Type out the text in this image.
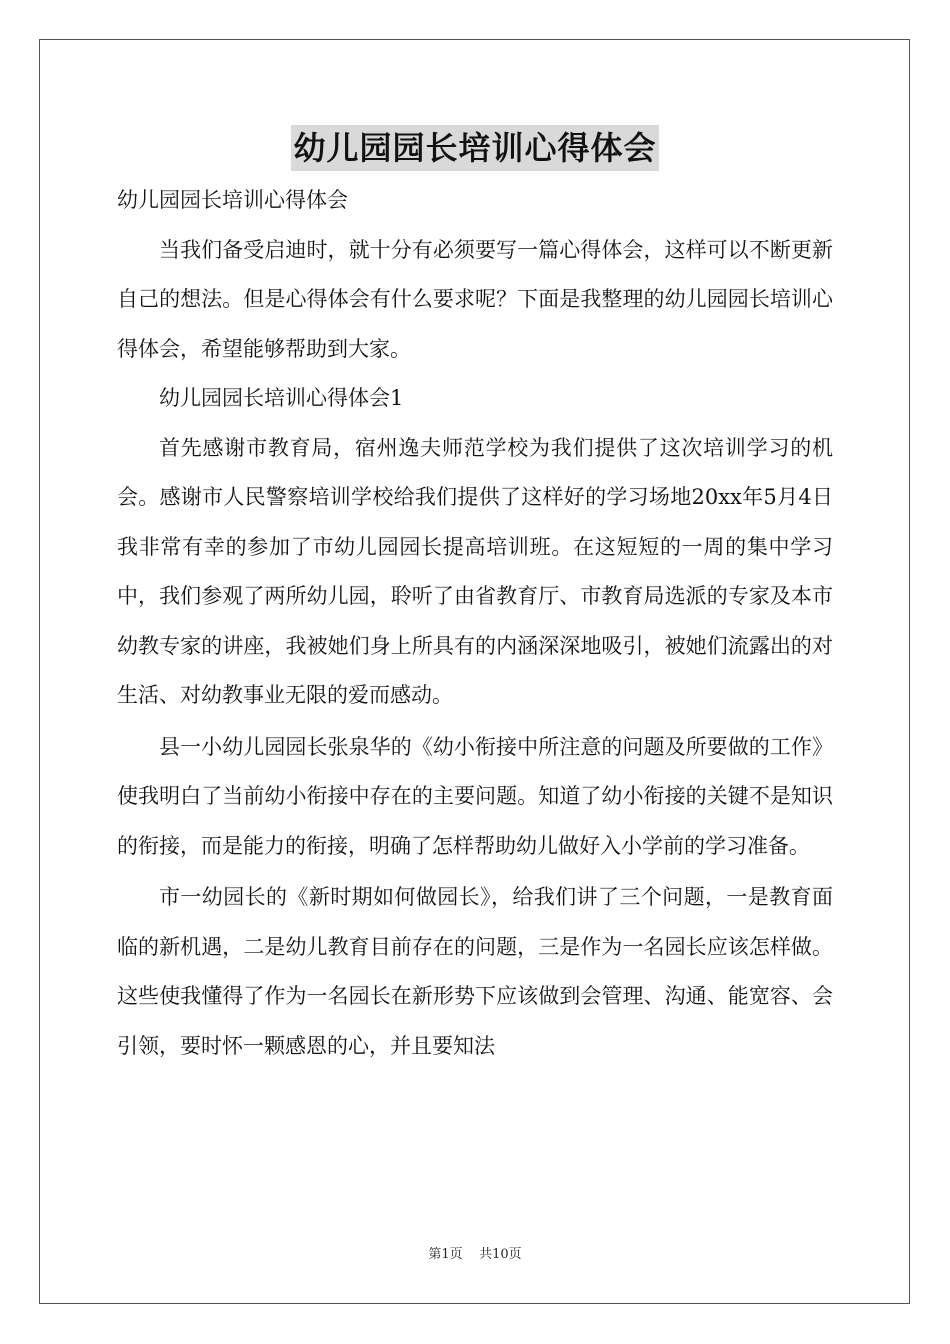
幼儿园园长培训心得体会

幼儿园园长培训心得体会

当我们备受启迪时，就十分有必须要写一篇心得体会，这样可以不断更新自己的想法。但是心得体会有什么要求呢？下面是我整理的幼儿园园长培训心得体会，希望能够帮助到大家。

幼儿园园长培训心得体会1

首先感谢市教育局，宿州逸夫师范学校为我们提供了这次培训学习的机会。感谢市人民警察培训学校给我们提供了这样好的学习场地20xx年5月4日我非常有幸的参加了市幼儿园园长提高培训班。在这短短的一周的集中学习中，我们参观了两所幼儿园，聆听了由省教育厅、市教育局选派的专家及本市幼教专家的讲座，我被她们身上所具有的内涵深深地吸引，被她们流露出的对生活、对幼教事业无限的爱而感动。

县一小幼儿园园长张泉华的《幼小衔接中所注意的问题及所要做的工作》使我明白了当前幼小衔接中存在的主要问题。知道了幼小衔接的关键不是知识的衔接，而是能力的衔接，明确了怎样帮助幼儿做好入小学前的学习准备。

市一幼园长的《新时期如何做园长》，给我们讲了三个问题，一是教育面临的新机遇，二是幼儿教育目前存在的问题，三是作为一名园长应该怎样做。这些使我懂得了作为一名园长在新形势下应该做到会管理、沟通、能宽容、会引领，要时怀一颗感恩的心，并且要知法

第1页 共10页
